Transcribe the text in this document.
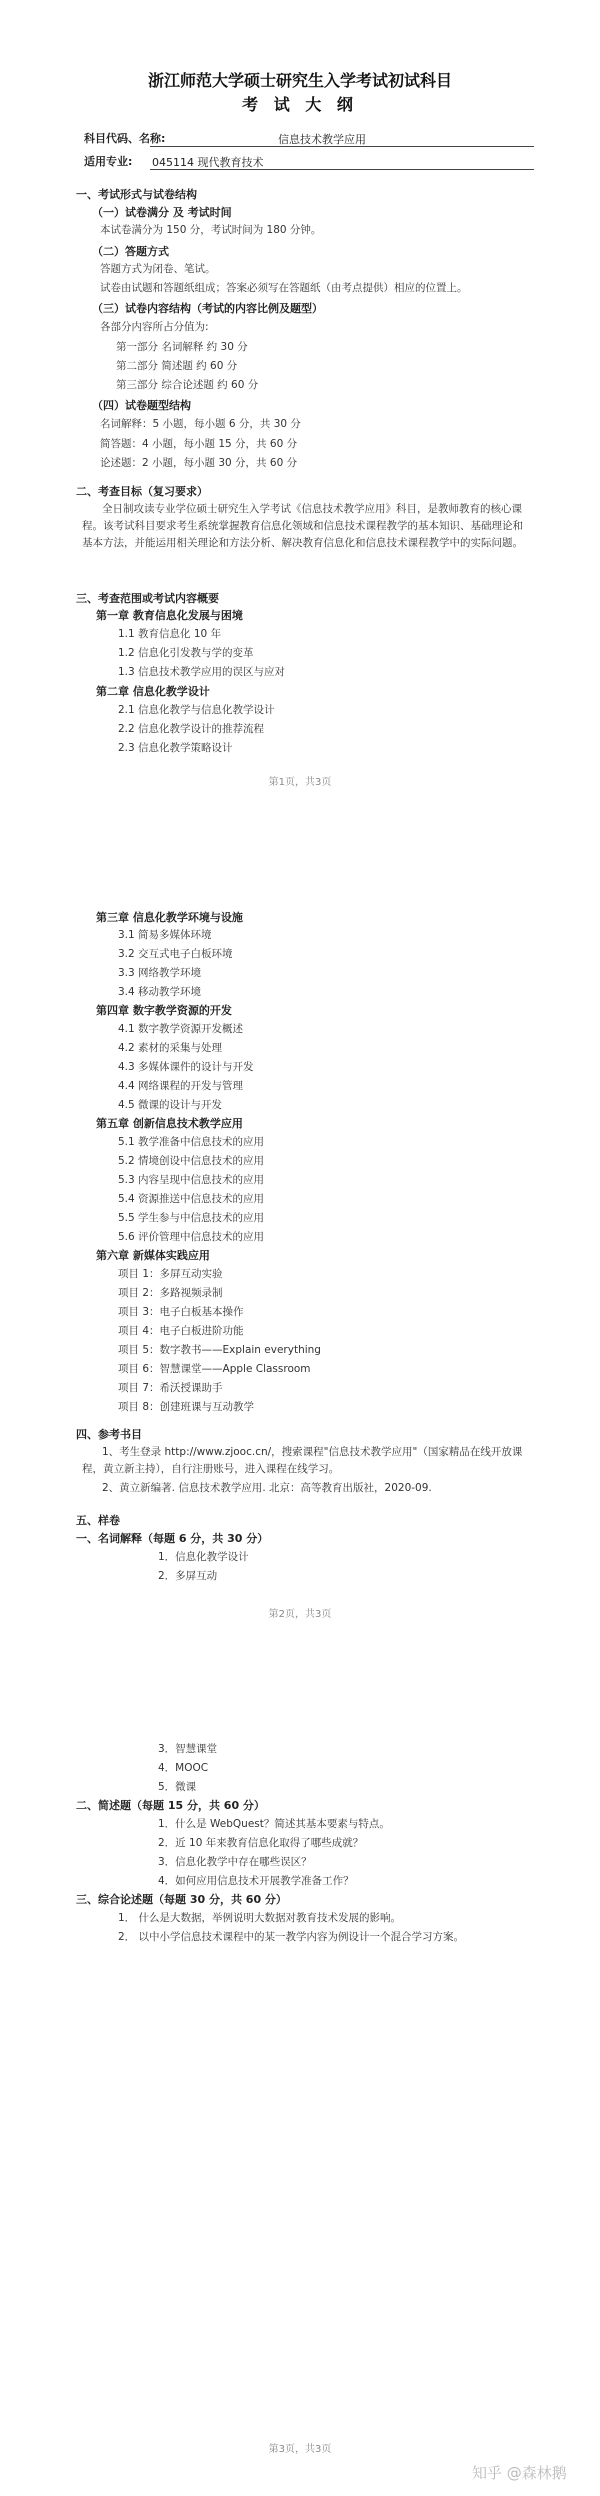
浙江师范大学硕士研究生入学考试初试科目
考 试 大 纲
科目代码、名称:	信息技术教学应用
适用专业: 045114 现代教育技术
一、考试形式与试卷结构
（一）试卷满分 及 考试时间
本试卷满分为 150 分，考试时间为 180 分钟。
（二）答题方式
答题方式为闭卷、笔试。
试卷由试题和答题纸组成；答案必须写在答题纸（由考点提供）相应的位置上。
（三）试卷内容结构（考试的内容比例及题型）
各部分内容所占分值为:
第一部分 名词解释 约 30 分
第二部分 简述题 约 60 分
第三部分 综合论述题 约 60 分
（四）试卷题型结构
名词解释：5 小题，每小题 6 分，共 30 分
简答题：4 小题，每小题 15 分，共 60 分
论述题：2 小题，每小题 30 分，共 60 分
二、考查目标（复习要求）
全日制攻读专业学位硕士研究生入学考试《信息技术教学应用》科目，是教师教育的核心课程。该考试科目要求考生系统掌握教育信息化领域和信息技术课程教学的基本知识、基础理论和基本方法，并能运用相关理论和方法分析、解决教育信息化和信息技术课程教学中的实际问题。
三、考查范围或考试内容概要
第一章 教育信息化发展与困境
1.1 教育信息化 10 年
1.2 信息化引发教与学的变革
1.3 信息技术教学应用的误区与应对
第二章 信息化教学设计
2.1 信息化教学与信息化教学设计
2.2 信息化教学设计的推荐流程
2.3 信息化教学策略设计
第1页，共3页
第三章 信息化教学环境与设施
3.1 简易多媒体环境
3.2 交互式电子白板环境
3.3 网络教学环境
3.4 移动教学环境
第四章 数字教学资源的开发
4.1 数字教学资源开发概述
4.2 素材的采集与处理
4.3 多媒体课件的设计与开发
4.4 网络课程的开发与管理
4.5 微课的设计与开发
第五章 创新信息技术教学应用
5.1 教学准备中信息技术的应用
5.2 情境创设中信息技术的应用
5.3 内容呈现中信息技术的应用
5.4 资源推送中信息技术的应用
5.5 学生参与中信息技术的应用
5.6 评价管理中信息技术的应用
第六章 新媒体实践应用
项目 1：多屏互动实验
项目 2：多路视频录制
项目 3：电子白板基本操作
项目 4：电子白板进阶功能
项目 5：数字教书——Explain everything
项目 6：智慧课堂——Apple Classroom
项目 7：希沃授课助手
项目 8：创建班课与互动教学
四、参考书目
1、考生登录 http://www.zjooc.cn/，搜索课程"信息技术教学应用"（国家精品在线开放课程，黄立新主持），自行注册账号，进入课程在线学习。
2、黄立新编著. 信息技术教学应用. 北京：高等教育出版社，2020-09.
五、样卷
一、名词解释（每题 6 分，共 30 分）
1．信息化教学设计
2．多屏互动
第2页，共3页
3．智慧课堂
4．MOOC
5．微课
二、简述题（每题 15 分，共 60 分）
1．什么是 WebQuest？简述其基本要素与特点。
2．近 10 年来教育信息化取得了哪些成就？
3．信息化教学中存在哪些误区？
4．如何应用信息技术开展教学准备工作？
三、综合论述题（每题 30 分，共 60 分）
1． 什么是大数据，举例说明大数据对教育技术发展的影响。
2． 以中小学信息技术课程中的某一教学内容为例设计一个混合学习方案。
第3页，共3页
知乎 @森林鹅
